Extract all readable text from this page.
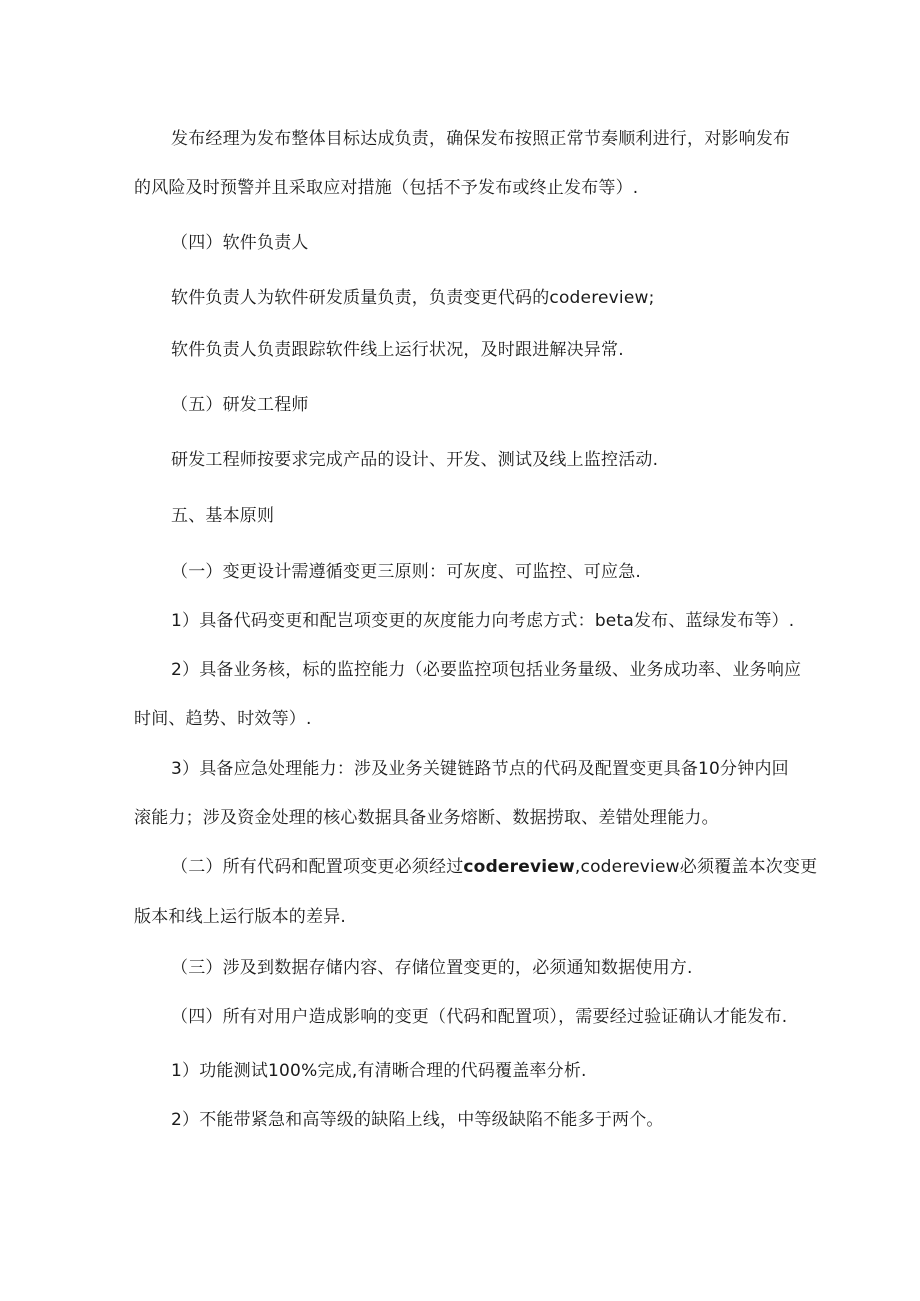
发布经理为发布整体目标达成负责，确保发布按照正常节奏顺利进行，对影响发布
的风险及时预警并且采取应对措施（包括不予发布或终止发布等）.
（四）软件负责人
软件负责人为软件研发质量负责，负责变更代码的codereview;
软件负责人负责跟踪软件线上运行状况，及时跟进解决异常.
（五）研发工程师
研发工程师按要求完成产品的设计、开发、测试及线上监控活动.
五、基本原则
（一）变更设计需遵循变更三原则：可灰度、可监控、可应急.
1）具备代码变更和配岂项变更的灰度能力向考虑方式：beta发布、蓝绿发布等）.
2）具备业务核，标的监控能力（必要监控项包括业务量级、业务成功率、业务响应
时间、趋势、时效等）.
3）具备应急处理能力：涉及业务关键链路节点的代码及配置变更具备10分钟内回
滚能力；涉及资金处理的核心数据具备业务熔断、数据捞取、差错处理能力。
（二）所有代码和配置项变更必须经过codereview,codereview必须覆盖本次变更
版本和线上运行版本的差异.
（三）涉及到数据存储内容、存储位置变更的，必须通知数据使用方.
（四）所有对用户造成影响的变更（代码和配置项），需要经过验证确认才能发布.
1）功能测试100%完成,有清晰合理的代码覆盖率分析.
2）不能带紧急和高等级的缺陷上线，中等级缺陷不能多于两个。
